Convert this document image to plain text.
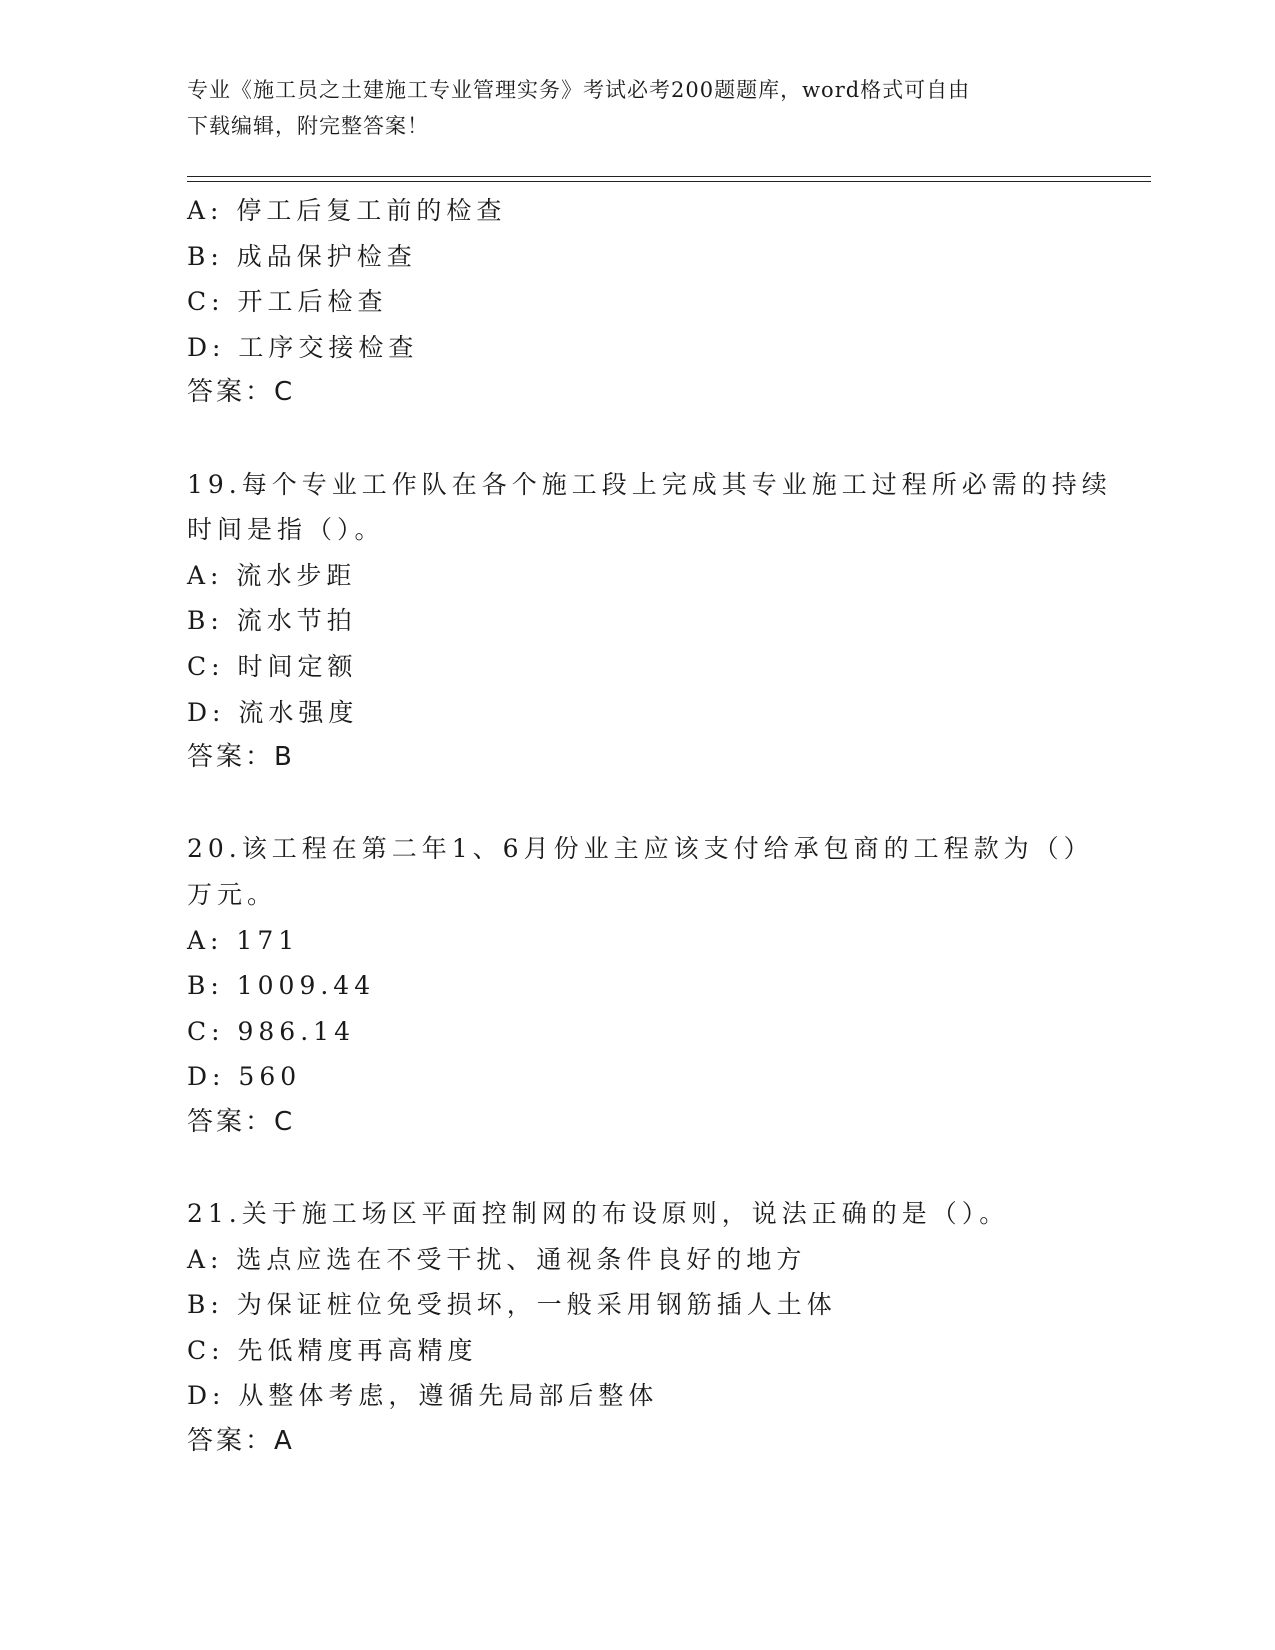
专业《施工员之土建施工专业管理实务》考试必考200题题库，word格式可自由
下载编辑，附完整答案！
A: 停工后复工前的检查
B: 成品保护检查
C: 开工后检查
D: 工序交接检查
答案：C
19.每个专业工作队在各个施工段上完成其专业施工过程所必需的持续
时间是指（）。
A: 流水步距
B: 流水节拍
C: 时间定额
D: 流水强度
答案：B
20.该工程在第二年1、6月份业主应该支付给承包商的工程款为（）
万元。
A: 171
B: 1009.44
C: 986.14
D: 560
答案：C
21.关于施工场区平面控制网的布设原则，说法正确的是（）。
A: 选点应选在不受干扰、通视条件良好的地方
B: 为保证桩位免受损坏，一般采用钢筋插人土体
C: 先低精度再高精度
D: 从整体考虑，遵循先局部后整体
答案：A
